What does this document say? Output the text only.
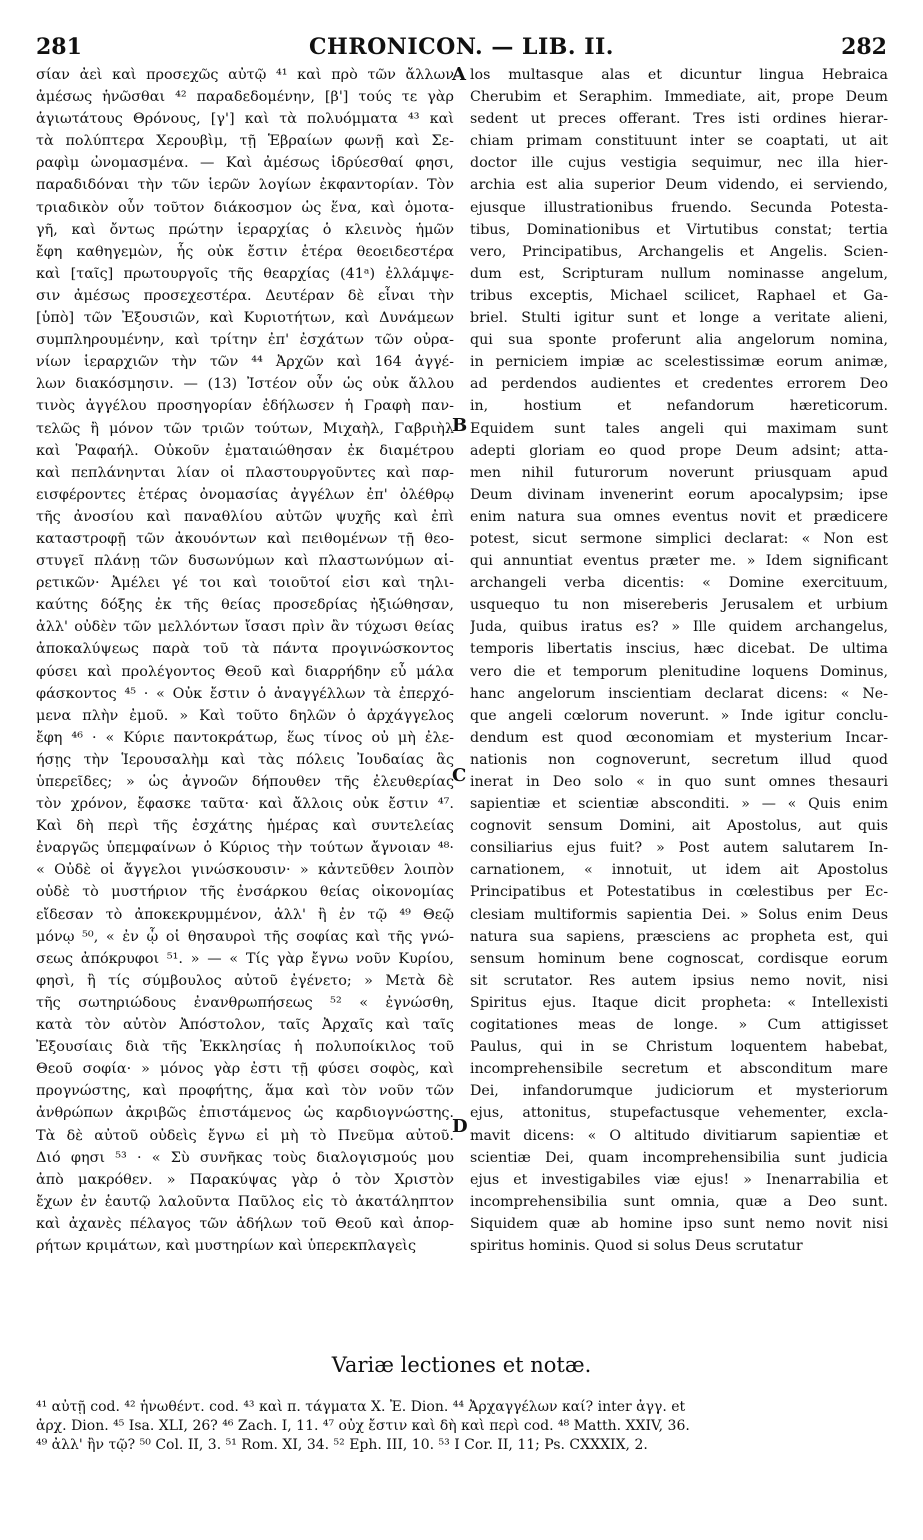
281	CHRONICON. — LIB. II.	282
σίαν ἀεὶ καὶ προσεχῶς αὐτῷ ⁴¹ καὶ πρὸ τῶν ἄλλων
ἀμέσως ἡνῶσθαι ⁴² παραδεδομένην, [β'] τούς τε γὰρ
ἁγιωτάτους Θρόνους, [γ'] καὶ τὰ πολυόμματα ⁴³ καὶ
τὰ πολύπτερα Χερουβὶμ, τῇ Ἑβραίων φωνῇ καὶ Σε-
ραφὶμ ὠνομασμένα. — Καὶ ἀμέσως ἱδρύεσθαί φησι,
παραδιδόναι τὴν τῶν ἱερῶν λογίων ἐκφαντορίαν. Τὸν
τριαδικὸν οὖν τοῦτον διάκοσμον ὡς ἕνα, καὶ ὁμοτα-
γῆ, καὶ ὄντως πρώτην ἱεραρχίας ὁ κλεινὸς ἡμῶν
ἔφη καθηγεμὼν, ἧς οὐκ ἔστιν ἑτέρα θεοειδεστέρα
καὶ [ταῖς] πρωτουργοῖς τῆς θεαρχίας (41ᵃ) ἐλλάμψε-
σιν ἀμέσως προσεχεστέρα. Δευτέραν δὲ εἶναι τὴν
[ὑπὸ] τῶν Ἐξουσιῶν, καὶ Κυριοτήτων, καὶ Δυνάμεων
συμπληρουμένην, καὶ τρίτην ἐπ' ἐσχάτων τῶν οὐρα-
νίων ἱεραρχιῶν τὴν τῶν ⁴⁴ Ἀρχῶν καὶ 164 ἀγγέ-
λων διακόσμησιν. — (13) Ἰστέον οὖν ὡς οὐκ ἄλλου
τινὸς ἀγγέλου προσηγορίαν ἐδήλωσεν ἡ Γραφὴ παν-
τελῶς ἢ μόνον τῶν τριῶν τούτων, Μιχαὴλ, Γαβριὴλ
καὶ Ῥαφαήλ. Οὐκοῦν ἐματαιώθησαν ἐκ διαμέτρου
καὶ πεπλάνηνται λίαν οἱ πλαστουργοῦντες καὶ παρ-
εισφέροντες ἑτέρας ὀνομασίας ἀγγέλων ἐπ' ὀλέθρῳ
τῆς ἀνοσίου καὶ παναθλίου αὐτῶν ψυχῆς καὶ ἐπὶ
καταστροφῇ τῶν ἀκουόντων καὶ πειθομένων τῇ θεο-
στυγεῖ πλάνῃ τῶν δυσωνύμων καὶ πλαστωνύμων αἱ-
ρετικῶν· Ἀμέλει γέ τοι καὶ τοιοῦτοί εἰσι καὶ τηλι-
καύτης δόξης ἐκ τῆς θείας προσεδρίας ἠξιώθησαν,
ἀλλ' οὐδὲν τῶν μελλόντων ἴσασι πρὶν ἂν τύχωσι θείας
ἀποκαλύψεως παρὰ τοῦ τὰ πάντα προγινώσκοντος
φύσει καὶ προλέγοντος Θεοῦ καὶ διαρρήδην εὖ μάλα
φάσκοντος ⁴⁵ · « Οὐκ ἔστιν ὁ ἀναγγέλλων τὰ ἐπερχό-
μενα πλὴν ἐμοῦ. » Καὶ τοῦτο δηλῶν ὁ ἀρχάγγελος
ἔφη ⁴⁶ · « Κύριε παντοκράτωρ, ἕως τίνος οὐ μὴ ἐλε-
ήσῃς τὴν Ἱερουσαλὴμ καὶ τὰς πόλεις Ἰουδαίας ἃς
ὑπερεῖδες; » ὡς ἀγνοῶν δήπουθεν τῆς ἐλευθερίας
τὸν χρόνον, ἔφασκε ταῦτα· καὶ ἄλλοις οὐκ ἔστιν ⁴⁷.
Καὶ δὴ περὶ τῆς ἐσχάτης ἡμέρας καὶ συντελείας
ἐναργῶς ὑπεμφαίνων ὁ Κύριος τὴν τούτων ἄγνοιαν ⁴⁸·
« Οὐδὲ οἱ ἄγγελοι γινώσκουσιν· » κἀντεῦθεν λοιπὸν
οὐδὲ τὸ μυστήριον τῆς ἐνσάρκου θείας οἰκονομίας
εἴδεσαν τὸ ἀποκεκρυμμένον, ἀλλ' ἢ ἐν τῷ ⁴⁹ Θεῷ
μόνῳ ⁵⁰, « ἐν ᾧ οἱ θησαυροὶ τῆς σοφίας καὶ τῆς γνώ-
σεως ἀπόκρυφοι ⁵¹. » — « Τίς γὰρ ἔγνω νοῦν Κυρίου,
φησὶ, ἢ τίς σύμβουλος αὐτοῦ ἐγένετο; » Μετὰ δὲ
τῆς σωτηριώδους ἐνανθρωπήσεως ⁵² « ἐγνώσθη,
κατὰ τὸν αὐτὸν Ἀπόστολον, ταῖς Ἀρχαῖς καὶ ταῖς
Ἐξουσίαις διὰ τῆς Ἐκκλησίας ἡ πολυποίκιλος τοῦ
Θεοῦ σοφία· » μόνος γὰρ ἐστι τῇ φύσει σοφὸς, καὶ
προγνώστης, καὶ προφήτης, ἅμα καὶ τὸν νοῦν τῶν
ἀνθρώπων ἀκριβῶς ἐπιστάμενος ὡς καρδιογνώστης.
Τὰ δὲ αὐτοῦ οὐδεὶς ἔγνω εἰ μὴ τὸ Πνεῦμα αὐτοῦ.
Διό φησι ⁵³ · « Σὺ συνῆκας τοὺς διαλογισμούς μου
ἀπὸ μακρόθεν. » Παρακύψας γὰρ ὁ τὸν Χριστὸν
ἔχων ἐν ἑαυτῷ λαλοῦντα Παῦλος εἰς τὸ ἀκατάληπτον
καὶ ἀχανὲς πέλαγος τῶν ἀδήλων τοῦ Θεοῦ καὶ ἀπορ-
ρήτων κριμάτων, καὶ μυστηρίων καὶ ὑπερεκπλαγεὶς
los multasque alas et dicuntur lingua Hebraica
Cherubim et Seraphim. Immediate, ait, prope Deum
sedent ut preces offerant. Tres isti ordines hierar-
chiam primam constituunt inter se coaptati, ut ait
doctor ille cujus vestigia sequimur, nec illa hier-
archia est alia superior Deum videndo, ei serviendo,
ejusque illustrationibus fruendo. Secunda Potesta-
tibus, Dominationibus et Virtutibus constat; tertia
vero, Principatibus, Archangelis et Angelis. Scien-
dum est, Scripturam nullum nominasse angelum,
tribus exceptis, Michael scilicet, Raphael et Ga-
briel. Stulti igitur sunt et longe a veritate alieni,
qui sua sponte proferunt alia angelorum nomina,
in perniciem impiæ ac scelestissimæ eorum animæ,
ad perdendos audientes et credentes errorem Deo
in, hostium et nefandorum hæreticorum.
Equidem sunt tales angeli qui maximam sunt
adepti gloriam eo quod prope Deum adsint; atta-
men nihil futurorum noverunt priusquam apud
Deum divinam invenerint eorum apocalypsim; ipse
enim natura sua omnes eventus novit et prædicere
potest, sicut sermone simplici declarat: « Non est
qui annuntiat eventus præter me. » Idem significant
archangeli verba dicentis: « Domine exercituum,
usquequo tu non misereberis Jerusalem et urbium
Juda, quibus iratus es? » Ille quidem archangelus,
temporis libertatis inscius, hæc dicebat. De ultima
vero die et temporum plenitudine loquens Dominus,
hanc angelorum inscientiam declarat dicens: « Ne-
que angeli cœlorum noverunt. » Inde igitur conclu-
dendum est quod œconomiam et mysterium Incar-
nationis non cognoverunt, secretum illud quod
inerat in Deo solo « in quo sunt omnes thesauri
sapientiæ et scientiæ absconditi. » — « Quis enim
cognovit sensum Domini, ait Apostolus, aut quis
consiliarius ejus fuit? » Post autem salutarem In-
carnationem, « innotuit, ut idem ait Apostolus
Principatibus et Potestatibus in cœlestibus per Ec-
clesiam multiformis sapientia Dei. » Solus enim Deus
natura sua sapiens, præsciens ac propheta est, qui
sensum hominum bene cognoscat, cordisque eorum
sit scrutator. Res autem ipsius nemo novit, nisi
Spiritus ejus. Itaque dicit propheta: « Intellexisti
cogitationes meas de longe. » Cum attigisset
Paulus, qui in se Christum loquentem habebat,
incomprehensibile secretum et absconditum mare
Dei, infandorumque judiciorum et mysteriorum
ejus, attonitus, stupefactusque vehementer, excla-
mavit dicens: « O altitudo divitiarum sapientiæ et
scientiæ Dei, quam incomprehensibilia sunt judicia
ejus et investigabiles viæ ejus! » Inenarrabilia et
incomprehensibilia sunt omnia, quæ a Deo sunt.
Siquidem quæ ab homine ipso sunt nemo novit nisi
spiritus hominis. Quod si solus Deus scrutatur
A
B
C
D
Variæ lectiones et notæ.
⁴¹ αὐτῇ cod. ⁴² ἡνωθέντ. cod. ⁴³ καὶ π. τάγματα X. Ἐ. Dion. ⁴⁴ Ἀρχαγγέλων καί? inter ἀγγ. et
ἀρχ. Dion. ⁴⁵ Isa. XLI, 26? ⁴⁶ Zach. I, 11. ⁴⁷ οὐχ ἔστιν καὶ δὴ καὶ περὶ cod. ⁴⁸ Matth. XXIV, 36.
⁴⁹ ἀλλ' ἢν τῷ? ⁵⁰ Col. II, 3. ⁵¹ Rom. XI, 34. ⁵² Eph. III, 10. ⁵³ I Cor. II, 11; Ps. CXXXIX, 2.
